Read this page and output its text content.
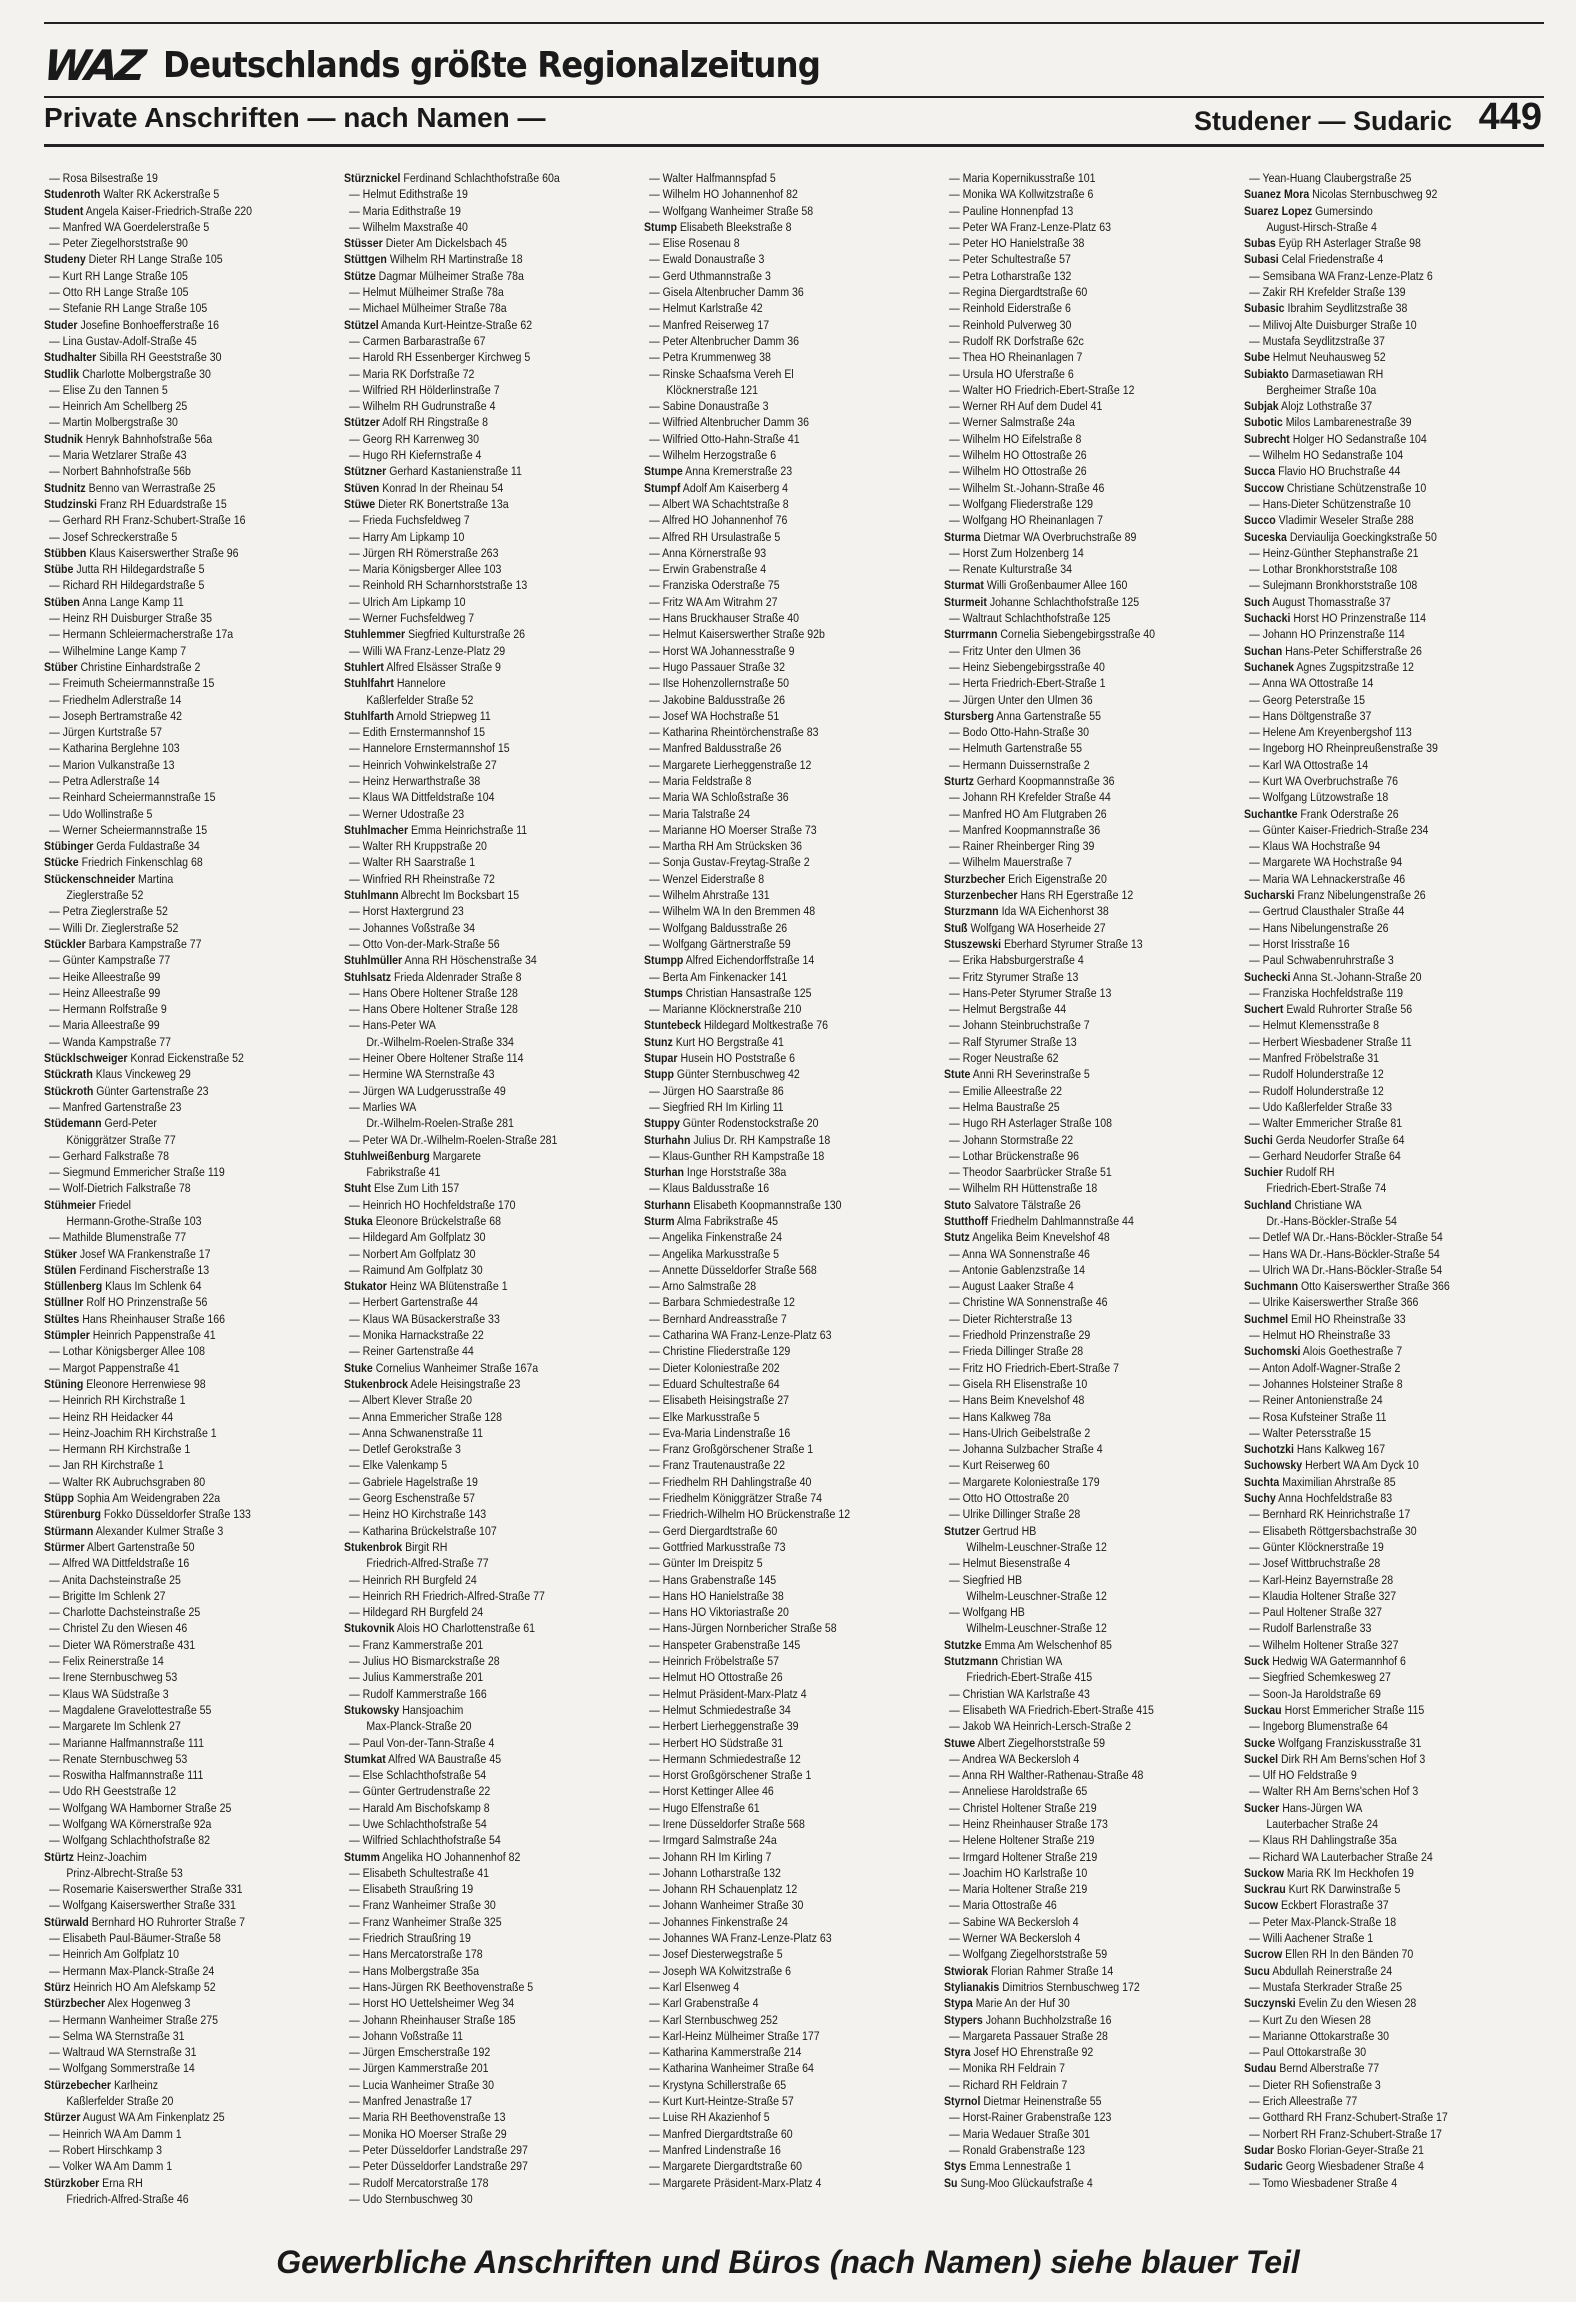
WAZ Deutschlands größte Regionalzeitung
Private Anschriften — nach Namen —	Studener — Sudaric 449
— Rosa Bilsestraße 19
Studenroth Walter RK Ackerstraße 5
Student Angela Kaiser-Friedrich-Straße 220
— Manfred WA Goerdelerstraße 5
— Peter Ziegelhorststraße 90
Studeny Dieter RH Lange Straße 105
— Kurt RH Lange Straße 105
— Otto RH Lange Straße 105
— Stefanie RH Lange Straße 105
Studer Josefine Bonhoefferstraße 16
— Lina Gustav-Adolf-Straße 45
Studhalter Sibilla RH Geeststraße 30
Studlik Charlotte Molbergstraße 30
— Elise Zu den Tannen 5
— Heinrich Am Schellberg 25
— Martin Molbergstraße 30
Studnik Henryk Bahnhofstraße 56a
— Maria Wetzlarer Straße 43
— Norbert Bahnhofstraße 56b
Studnitz Benno van Werrastraße 25
Studzinski Franz RH Eduardstraße 15
— Gerhard RH Franz-Schubert-Straße 16
— Josef Schreckerstraße 5
Stübben Klaus Kaiserswerther Straße 96
Stübe Jutta RH Hildegardstraße 5
— Richard RH Hildegardstraße 5
Stüben Anna Lange Kamp 11
— Heinz RH Duisburger Straße 35
— Hermann Schleiermacherstraße 17a
— Wilhelmine Lange Kamp 7
Stüber Christine Einhardstraße 2
— Freimuth Scheiermannstraße 15
— Friedhelm Adlerstraße 14
— Joseph Bertramstraße 42
— Jürgen Kurtstraße 57
— Katharina Berglehne 103
— Marion Vulkanstraße 13
— Petra Adlerstraße 14
— Reinhard Scheiermannstraße 15
— Udo Wollinstraße 5
— Werner Scheiermannstraße 15
Stübinger Gerda Fuldastraße 34
Stücke Friedrich Finkenschlag 68
Stückenschneider Martina
Zieglerstraße 52
— Petra Zieglerstraße 52
— Willi Dr. Zieglerstraße 52
Stückler Barbara Kampstraße 77
— Günter Kampstraße 77
— Heike Alleestraße 99
— Heinz Alleestraße 99
— Hermann Rolfstraße 9
— Maria Alleestraße 99
— Wanda Kampstraße 77
Stücklschweiger Konrad Eickenstraße 52
Stückrath Klaus Vinckeweg 29
Stückroth Günter Gartenstraße 23
— Manfred Gartenstraße 23
Stüdemann Gerd-Peter
Königgrätzer Straße 77
— Gerhard Falkstraße 78
— Siegmund Emmericher Straße 119
— Wolf-Dietrich Falkstraße 78
Stühmeier Friedel
Hermann-Grothe-Straße 103
— Mathilde Blumenstraße 77
Stüker Josef WA Frankenstraße 17
Stülen Ferdinand Fischerstraße 13
Stüllenberg Klaus Im Schlenk 64
Stüllner Rolf HO Prinzenstraße 56
Stültes Hans Rheinhauser Straße 166
Stümpler Heinrich Pappenstraße 41
— Lothar Königsberger Allee 108
— Margot Pappenstraße 41
Stüning Eleonore Herrenwiese 98
— Heinrich RH Kirchstraße 1
— Heinz RH Heidacker 44
— Heinz-Joachim RH Kirchstraße 1
— Hermann RH Kirchstraße 1
— Jan RH Kirchstraße 1
— Walter RK Aubruchsgraben 80
Stüpp Sophia Am Weidengraben 22a
Stürenburg Fokko Düsseldorfer Straße 133
Stürmann Alexander Kulmer Straße 3
Stürmer Albert Gartenstraße 50
— Alfred WA Dittfeldstraße 16
— Anita Dachsteinstraße 25
— Brigitte Im Schlenk 27
— Charlotte Dachsteinstraße 25
— Christel Zu den Wiesen 46
— Dieter WA Römerstraße 431
— Felix Reinerstraße 14
— Irene Sternbuschweg 53
— Klaus WA Südstraße 3
— Magdalene Gravelottestraße 55
— Margarete Im Schlenk 27
— Marianne Halfmannstraße 111
— Renate Sternbuschweg 53
— Roswitha Halfmannstraße 111
— Udo RH Geeststraße 12
— Wolfgang WA Hamborner Straße 25
— Wolfgang WA Körnerstraße 92a
— Wolfgang Schlachthofstraße 82
Stürtz Heinz-Joachim
Prinz-Albrecht-Straße 53
— Rosemarie Kaiserswerther Straße 331
— Wolfgang Kaiserswerther Straße 331
Stürwald Bernhard HO Ruhrorter Straße 7
— Elisabeth Paul-Bäumer-Straße 58
— Heinrich Am Golfplatz 10
— Hermann Max-Planck-Straße 24
Stürz Heinrich HO Am Alefskamp 52
Stürzbecher Alex Hogenweg 3
— Hermann Wanheimer Straße 275
— Selma WA Sternstraße 31
— Waltraud WA Sternstraße 31
— Wolfgang Sommerstraße 14
Stürzebecher Karlheinz
Kaßlerfelder Straße 20
Stürzer August WA Am Finkenplatz 25
— Heinrich WA Am Damm 1
— Robert Hirschkamp 3
— Volker WA Am Damm 1
Stürzkober Erna RH
Friedrich-Alfred-Straße 46
Stürznickel Ferdinand Schlachthofstraße 60a
— Helmut Edithstraße 19
— Maria Edithstraße 19
— Wilhelm Maxstraße 40
Stüsser Dieter Am Dickelsbach 45
Stüttgen Wilhelm RH Martinstraße 18
Stütze Dagmar Mülheimer Straße 78a
— Helmut Mülheimer Straße 78a
— Michael Mülheimer Straße 78a
Stützel Amanda Kurt-Heintze-Straße 62
— Carmen Barbarastraße 67
— Harold RH Essenberger Kirchweg 5
— Maria RK Dorfstraße 72
— Wilfried RH Hölderlinstraße 7
— Wilhelm RH Gudrunstraße 4
Stützer Adolf RH Ringstraße 8
— Georg RH Karrenweg 30
— Hugo RH Kiefernstraße 4
Stützner Gerhard Kastanienstraße 11
Stüven Konrad In der Rheinau 54
Stüwe Dieter RK Bonertstraße 13a
— Frieda Fuchsfeldweg 7
— Harry Am Lipkamp 10
— Jürgen RH Römerstraße 263
— Maria Königsberger Allee 103
— Reinhold RH Scharnhorststraße 13
— Ulrich Am Lipkamp 10
— Werner Fuchsfeldweg 7
Stuhlemmer Siegfried Kulturstraße 26
— Willi WA Franz-Lenze-Platz 29
Stuhlert Alfred Elsässer Straße 9
Stuhlfahrt Hannelore
Kaßlerfelder Straße 52
Stuhlfarth Arnold Striepweg 11
— Edith Ernstermannshof 15
— Hannelore Ernstermannshof 15
— Heinrich Vohwinkelstraße 27
— Heinz Herwarthstraße 38
— Klaus WA Dittfeldstraße 104
— Werner Udostraße 23
Stuhlmacher Emma Heinrichstraße 11
— Walter RH Kruppstraße 20
— Walter RH Saarstraße 1
— Winfried RH Rheinstraße 72
Stuhlmann Albrecht Im Bocksbart 15
— Horst Haxtergrund 23
— Johannes Voßstraße 34
— Otto Von-der-Mark-Straße 56
Stuhlmüller Anna RH Höschenstraße 34
Stuhlsatz Frieda Aldenrader Straße 8
— Hans Obere Holtener Straße 128
— Hans Obere Holtener Straße 128
— Hans-Peter WA
Dr.-Wilhelm-Roelen-Straße 334
— Heiner Obere Holtener Straße 114
— Hermine WA Sternstraße 43
— Jürgen WA Ludgerusstraße 49
— Marlies WA
Dr.-Wilhelm-Roelen-Straße 281
— Peter WA Dr.-Wilhelm-Roelen-Straße 281
Stuhlweißenburg Margarete
Fabrikstraße 41
Stuht Else Zum Lith 157
— Heinrich HO Hochfeldstraße 170
Stuka Eleonore Brückelstraße 68
— Hildegard Am Golfplatz 30
— Norbert Am Golfplatz 30
— Raimund Am Golfplatz 30
Stukator Heinz WA Blütenstraße 1
— Herbert Gartenstraße 44
— Klaus WA Büsackerstraße 33
— Monika Harnackstraße 22
— Reiner Gartenstraße 44
Stuke Cornelius Wanheimer Straße 167a
Stukenbrock Adele Heisingstraße 23
— Albert Klever Straße 20
— Anna Emmericher Straße 128
— Anna Schwanenstraße 11
— Detlef Gerokstraße 3
— Elke Valenkamp 5
— Gabriele Hagelstraße 19
— Georg Eschenstraße 57
— Heinz HO Kirchstraße 143
— Katharina Brückelstraße 107
Stukenbrok Birgit RH
Friedrich-Alfred-Straße 77
— Heinrich RH Burgfeld 24
— Heinrich RH Friedrich-Alfred-Straße 77
— Hildegard RH Burgfeld 24
Stukovnik Alois HO Charlottenstraße 61
— Franz Kammerstraße 201
— Julius HO Bismarckstraße 28
— Julius Kammerstraße 201
— Rudolf Kammerstraße 166
Stukowsky Hansjoachim
Max-Planck-Straße 20
— Paul Von-der-Tann-Straße 4
Stumkat Alfred WA Baustraße 45
— Else Schlachthofstraße 54
— Günter Gertrudenstraße 22
— Harald Am Bischofskamp 8
— Uwe Schlachthofstraße 54
— Wilfried Schlachthofstraße 54
Stumm Angelika HO Johannenhof 82
— Elisabeth Schultestraße 41
— Elisabeth Straußring 19
— Franz Wanheimer Straße 30
— Franz Wanheimer Straße 325
— Friedrich Straußring 19
— Hans Mercatorstraße 178
— Hans Molbergstraße 35a
— Hans-Jürgen RK Beethovenstraße 5
— Horst HO Uettelsheimer Weg 34
— Johann Rheinhauser Straße 185
— Johann Voßstraße 11
— Jürgen Emscherstraße 192
— Jürgen Kammerstraße 201
— Lucia Wanheimer Straße 30
— Manfred Jenastraße 17
— Maria RH Beethovenstraße 13
— Monika HO Moerser Straße 29
— Peter Düsseldorfer Landstraße 297
— Peter Düsseldorfer Landstraße 297
— Rudolf Mercatorstraße 178
— Udo Sternbuschweg 30
— Walter Halfmannspfad 5
— Wilhelm HO Johannenhof 82
— Wolfgang Wanheimer Straße 58
Stump Elisabeth Bleekstraße 8
— Elise Rosenau 8
— Ewald Donaustraße 3
— Gerd Uthmannstraße 3
— Gisela Altenbrucher Damm 36
— Helmut Karlstraße 42
— Manfred Reiserweg 17
— Peter Altenbrucher Damm 36
— Petra Krummenweg 38
— Rinske Schaafsma Vereh El
Klöcknerstraße 121
— Sabine Donaustraße 3
— Wilfried Altenbrucher Damm 36
— Wilfried Otto-Hahn-Straße 41
— Wilhelm Herzogstraße 6
Stumpe Anna Kremerstraße 23
Stumpf Adolf Am Kaiserberg 4
— Albert WA Schachtstraße 8
— Alfred HO Johannenhof 76
— Alfred RH Ursulastraße 5
— Anna Körnerstraße 93
— Erwin Grabenstraße 4
— Franziska Oderstraße 75
— Fritz WA Am Witrahm 27
— Hans Bruckhauser Straße 40
— Helmut Kaiserswerther Straße 92b
— Horst WA Johannesstraße 9
— Hugo Passauer Straße 32
— Ilse Hohenzollernstraße 50
— Jakobine Baldusstraße 26
— Josef WA Hochstraße 51
— Katharina Rheintörchenstraße 83
— Manfred Baldusstraße 26
— Margarete Lierheggenstraße 12
— Maria Feldstraße 8
— Maria WA Schloßstraße 36
— Maria Talstraße 24
— Marianne HO Moerser Straße 73
— Martha RH Am Strücksken 36
— Sonja Gustav-Freytag-Straße 2
— Wenzel Eiderstraße 8
— Wilhelm Ahrstraße 131
— Wilhelm WA In den Bremmen 48
— Wolfgang Baldusstraße 26
— Wolfgang Gärtnerstraße 59
Stumpp Alfred Eichendorffstraße 14
— Berta Am Finkenacker 141
Stumps Christian Hansastraße 125
— Marianne Klöcknerstraße 210
Stuntebeck Hildegard Moltkestraße 76
Stunz Kurt HO Bergstraße 41
Stupar Husein HO Poststraße 6
Stupp Günter Sternbuschweg 42
— Jürgen HO Saarstraße 86
— Siegfried RH Im Kirling 11
Stuppy Günter Rodenstockstraße 20
Sturhahn Julius Dr. RH Kampstraße 18
— Klaus-Gunther RH Kampstraße 18
Sturhan Inge Horststraße 38a
— Klaus Baldusstraße 16
Sturhann Elisabeth Koopmannstraße 130
Sturm Alma Fabrikstraße 45
— Angelika Finkenstraße 24
— Angelika Markusstraße 5
— Annette Düsseldorfer Straße 568
— Arno Salmstraße 28
— Barbara Schmiedestraße 12
— Bernhard Andreasstraße 7
— Catharina WA Franz-Lenze-Platz 63
— Christine Fliederstraße 129
— Dieter Koloniestraße 202
— Eduard Schultestraße 64
— Elisabeth Heisingstraße 27
— Elke Markusstraße 5
— Eva-Maria Lindenstraße 16
— Franz Großgörschener Straße 1
— Franz Trautenaustraße 22
— Friedhelm RH Dahlingstraße 40
— Friedhelm Königgrätzer Straße 74
— Friedrich-Wilhelm HO Brückenstraße 12
— Gerd Diergardtstraße 60
— Gottfried Markusstraße 73
— Günter Im Dreispitz 5
— Hans Grabenstraße 145
— Hans HO Hanielstraße 38
— Hans HO Viktoriastraße 20
— Hans-Jürgen Nornbericher Straße 58
— Hanspeter Grabenstraße 145
— Heinrich Fröbelstraße 57
— Helmut HO Ottostraße 26
— Helmut Präsident-Marx-Platz 4
— Helmut Schmiedestraße 34
— Herbert Lierheggenstraße 39
— Herbert HO Südstraße 31
— Hermann Schmiedestraße 12
— Horst Großgörschener Straße 1
— Horst Kettinger Allee 46
— Hugo Elfenstraße 61
— Irene Düsseldorfer Straße 568
— Irmgard Salmstraße 24a
— Johann RH Im Kirling 7
— Johann Lotharstraße 132
— Johann RH Schauenplatz 12
— Johann Wanheimer Straße 30
— Johannes Finkenstraße 24
— Johannes WA Franz-Lenze-Platz 63
— Josef Diesterwegstraße 5
— Joseph WA Kolwitzstraße 6
— Karl Elsenweg 4
— Karl Grabenstraße 4
— Karl Sternbuschweg 252
— Karl-Heinz Mülheimer Straße 177
— Katharina Kammerstraße 214
— Katharina Wanheimer Straße 64
— Krystyna Schillerstraße 65
— Kurt Kurt-Heintze-Straße 57
— Luise RH Akazienhof 5
— Manfred Diergardtstraße 60
— Manfred Lindenstraße 16
— Margarete Diergardtstraße 60
— Margarete Präsident-Marx-Platz 4
— Maria Kopernikusstraße 101
— Monika WA Kollwitzstraße 6
— Pauline Honnenpfad 13
— Peter WA Franz-Lenze-Platz 63
— Peter HO Hanielstraße 38
— Peter Schultestraße 57
— Petra Lotharstraße 132
— Regina Diergardtstraße 60
— Reinhold Eiderstraße 6
— Reinhold Pulverweg 30
— Rudolf RK Dorfstraße 62c
— Thea HO Rheinanlagen 7
— Ursula HO Uferstraße 6
— Walter HO Friedrich-Ebert-Straße 12
— Werner RH Auf dem Dudel 41
— Werner Salmstraße 24a
— Wilhelm HO Eifelstraße 8
— Wilhelm HO Ottostraße 26
— Wilhelm HO Ottostraße 26
— Wilhelm St.-Johann-Straße 46
— Wolfgang Fliederstraße 129
— Wolfgang HO Rheinanlagen 7
Sturma Dietmar WA Overbruchstraße 89
— Horst Zum Holzenberg 14
— Renate Kulturstraße 34
Sturmat Willi Großenbaumer Allee 160
Sturmeit Johanne Schlachthofstraße 125
— Waltraut Schlachthofstraße 125
Sturrmann Cornelia Siebengebirgsstraße 40
— Fritz Unter den Ulmen 36
— Heinz Siebengebirgsstraße 40
— Herta Friedrich-Ebert-Straße 1
— Jürgen Unter den Ulmen 36
Stursberg Anna Gartenstraße 55
— Bodo Otto-Hahn-Straße 30
— Helmuth Gartenstraße 55
— Hermann Duissernstraße 2
Sturtz Gerhard Koopmannstraße 36
— Johann RH Krefelder Straße 44
— Manfred HO Am Flutgraben 26
— Manfred Koopmannstraße 36
— Rainer Rheinberger Ring 39
— Wilhelm Mauerstraße 7
Sturzbecher Erich Eigenstraße 20
Sturzenbecher Hans RH Egerstraße 12
Sturzmann Ida WA Eichenhorst 38
Stuß Wolfgang WA Hoserheide 27
Stuszewski Eberhard Styrumer Straße 13
— Erika Habsburgerstraße 4
— Fritz Styrumer Straße 13
— Hans-Peter Styrumer Straße 13
— Helmut Bergstraße 44
— Johann Steinbruchstraße 7
— Ralf Styrumer Straße 13
— Roger Neustraße 62
Stute Anni RH Severinstraße 5
— Emilie Alleestraße 22
— Helma Baustraße 25
— Hugo RH Asterlager Straße 108
— Johann Stormstraße 22
— Lothar Brückenstraße 96
— Theodor Saarbrücker Straße 51
— Wilhelm RH Hüttenstraße 18
Stuto Salvatore Tälstraße 26
Stutthoff Friedhelm Dahlmannstraße 44
Stutz Angelika Beim Knevelshof 48
— Anna WA Sonnenstraße 46
— Antonie Gablenzstraße 14
— August Laaker Straße 4
— Christine WA Sonnenstraße 46
— Dieter Richterstraße 13
— Friedhold Prinzenstraße 29
— Frieda Dillinger Straße 28
— Fritz HO Friedrich-Ebert-Straße 7
— Gisela RH Elisenstraße 10
— Hans Beim Knevelshof 48
— Hans Kalkweg 78a
— Hans-Ulrich Geibelstraße 2
— Johanna Sulzbacher Straße 4
— Kurt Reiserweg 60
— Margarete Koloniestraße 179
— Otto HO Ottostraße 20
— Ulrike Dillinger Straße 28
Stutzer Gertrud HB
Wilhelm-Leuschner-Straße 12
— Helmut Biesenstraße 4
— Siegfried HB
Wilhelm-Leuschner-Straße 12
— Wolfgang HB
Wilhelm-Leuschner-Straße 12
Stutzke Emma Am Welschenhof 85
Stutzmann Christian WA
Friedrich-Ebert-Straße 415
— Christian WA Karlstraße 43
— Elisabeth WA Friedrich-Ebert-Straße 415
— Jakob WA Heinrich-Lersch-Straße 2
Stuwe Albert Ziegelhorststraße 59
— Andrea WA Beckersloh 4
— Anna RH Walther-Rathenau-Straße 48
— Anneliese Haroldstraße 65
— Christel Holtener Straße 219
— Heinz Rheinhauser Straße 173
— Helene Holtener Straße 219
— Irmgard Holtener Straße 219
— Joachim HO Karlstraße 10
— Maria Holtener Straße 219
— Maria Ottostraße 46
— Sabine WA Beckersloh 4
— Werner WA Beckersloh 4
— Wolfgang Ziegelhorststraße 59
Stwiorak Florian Rahmer Straße 14
Stylianakis Dimitrios Sternbuschweg 172
Stypa Marie An der Huf 30
Stypers Johann Buchholzstraße 16
— Margareta Passauer Straße 28
Styra Josef HO Ehrenstraße 92
— Monika RH Feldrain 7
— Richard RH Feldrain 7
Styrnol Dietmar Heinenstraße 55
— Horst-Rainer Grabenstraße 123
— Maria Wedauer Straße 301
— Ronald Grabenstraße 123
Stys Emma Lennestraße 1
Su Sung-Moo Glückaufstraße 4
— Yean-Huang Claubergstraße 25
Suanez Mora Nicolas Sternbuschweg 92
Suarez Lopez Gumersindo
August-Hirsch-Straße 4
Subas Eyüp RH Asterlager Straße 98
Subasi Celal Friedenstraße 4
— Semsibana WA Franz-Lenze-Platz 6
— Zakir RH Krefelder Straße 139
Subasic Ibrahim Seydlitzstraße 38
— Milivoj Alte Duisburger Straße 10
— Mustafa Seydlitzstraße 37
Sube Helmut Neuhausweg 52
Subiakto Darmasetiawan RH
Bergheimer Straße 10a
Subjak Alojz Lothstraße 37
Subotic Milos Lambarenestraße 39
Subrecht Holger HO Sedanstraße 104
— Wilhelm HO Sedanstraße 104
Succa Flavio HO Bruchstraße 44
Succow Christiane Schützenstraße 10
— Hans-Dieter Schützenstraße 10
Succo Vladimir Weseler Straße 288
Suceska Derviaulija Goeckingkstraße 50
— Heinz-Günther Stephanstraße 21
— Lothar Bronkhorststraße 108
— Sulejmann Bronkhorststraße 108
Such August Thomasstraße 37
Suchacki Horst HO Prinzenstraße 114
— Johann HO Prinzenstraße 114
Suchan Hans-Peter Schifferstraße 26
Suchanek Agnes Zugspitzstraße 12
— Anna WA Ottostraße 14
— Georg Peterstraße 15
— Hans Döltgenstraße 37
— Helene Am Kreyenbergshof 113
— Ingeborg HO Rheinpreußenstraße 39
— Karl WA Ottostraße 14
— Kurt WA Overbruchstraße 76
— Wolfgang Lützowstraße 18
Suchantke Frank Oderstraße 26
— Günter Kaiser-Friedrich-Straße 234
— Klaus WA Hochstraße 94
— Margarete WA Hochstraße 94
— Maria WA Lehnackerstraße 46
Sucharski Franz Nibelungenstraße 26
— Gertrud Clausthaler Straße 44
— Hans Nibelungenstraße 26
— Horst Irisstraße 16
— Paul Schwabenruhrstraße 3
Suchecki Anna St.-Johann-Straße 20
— Franziska Hochfeldstraße 119
Suchert Ewald Ruhrorter Straße 56
— Helmut Klemensstraße 8
— Herbert Wiesbadener Straße 11
— Manfred Fröbelstraße 31
— Rudolf Holunderstraße 12
— Rudolf Holunderstraße 12
— Udo Kaßlerfelder Straße 33
— Walter Emmericher Straße 81
Suchi Gerda Neudorfer Straße 64
— Gerhard Neudorfer Straße 64
Suchier Rudolf RH
Friedrich-Ebert-Straße 74
Suchland Christiane WA
Dr.-Hans-Böckler-Straße 54
— Detlef WA Dr.-Hans-Böckler-Straße 54
— Hans WA Dr.-Hans-Böckler-Straße 54
— Ulrich WA Dr.-Hans-Böckler-Straße 54
Suchmann Otto Kaiserswerther Straße 366
— Ulrike Kaiserswerther Straße 366
Suchmel Emil HO Rheinstraße 33
— Helmut HO Rheinstraße 33
Suchomski Alois Goethestraße 7
— Anton Adolf-Wagner-Straße 2
— Johannes Holsteiner Straße 8
— Reiner Antonienstraße 24
— Rosa Kufsteiner Straße 11
— Walter Petersstraße 15
Suchotzki Hans Kalkweg 167
Suchowsky Herbert WA Am Dyck 10
Suchta Maximilian Ahrstraße 85
Suchy Anna Hochfeldstraße 83
— Bernhard RK Heinrichstraße 17
— Elisabeth Röttgersbachstraße 30
— Günter Klöcknerstraße 19
— Josef Wittbruchstraße 28
— Karl-Heinz Bayernstraße 28
— Klaudia Holtener Straße 327
— Paul Holtener Straße 327
— Rudolf Barlenstraße 33
— Wilhelm Holtener Straße 327
Suck Hedwig WA Gatermannhof 6
— Siegfried Schemkesweg 27
— Soon-Ja Haroldstraße 69
Suckau Horst Emmericher Straße 115
— Ingeborg Blumenstraße 64
Sucke Wolfgang Franziskusstraße 31
Suckel Dirk RH Am Berns'schen Hof 3
— Ulf HO Feldstraße 9
— Walter RH Am Berns'schen Hof 3
Sucker Hans-Jürgen WA
Lauterbacher Straße 24
— Klaus RH Dahlingstraße 35a
— Richard WA Lauterbacher Straße 24
Suckow Maria RK Im Heckhofen 19
Suckrau Kurt RK Darwinstraße 5
Sucow Eckbert Florastraße 37
— Peter Max-Planck-Straße 18
— Willi Aachener Straße 1
Sucrow Ellen RH In den Bänden 70
Sucu Abdullah Reinerstraße 24
— Mustafa Sterkrader Straße 25
Suczynski Evelin Zu den Wiesen 28
— Kurt Zu den Wiesen 28
— Marianne Ottokarstraße 30
— Paul Ottokarstraße 30
Sudau Bernd Alberstraße 77
— Dieter RH Sofienstraße 3
— Erich Alleestraße 77
— Gotthard RH Franz-Schubert-Straße 17
— Norbert RH Franz-Schubert-Straße 17
Sudar Bosko Florian-Geyer-Straße 21
Sudaric Georg Wiesbadener Straße 4
— Tomo Wiesbadener Straße 4
Gewerbliche Anschriften und Büros (nach Namen) siehe blauer Teil
